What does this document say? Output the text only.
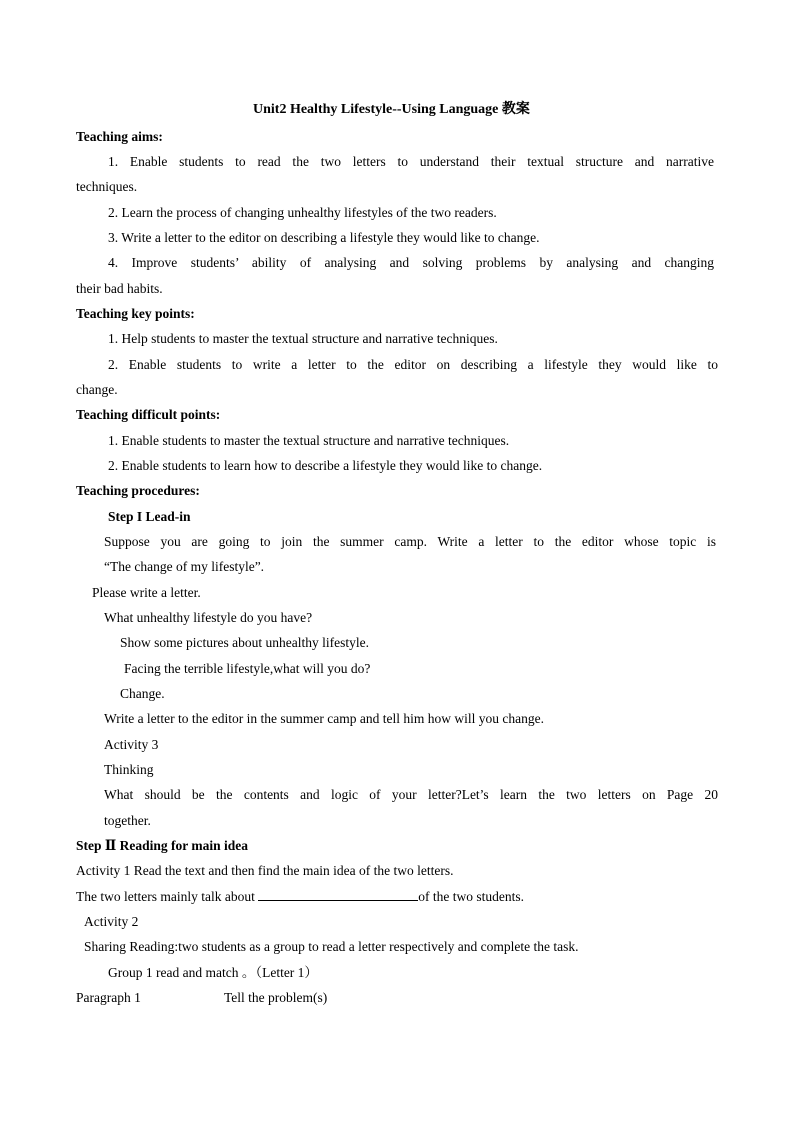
Unit2 Healthy Lifestyle--Using Language 教案
Teaching aims:
1. Enable students to read the two letters to understand their textual structure and narrative
techniques.
2. Learn the process of changing unhealthy lifestyles of the two readers.
3. Write a letter to the editor on describing a lifestyle they would like to change.
4. Improve students’ ability of analysing and solving problems by analysing and changing
their bad habits.
Teaching key points:
1. Help students to master the textual structure and narrative techniques.
2. Enable students to write a letter to the editor on describing a lifestyle they would like to
change.
Teaching difficult points:
1. Enable students to master the textual structure and narrative techniques.
2. Enable students to learn how to describe a lifestyle they would like to change.
Teaching procedures:
Step I Lead-in
Suppose you are going to join the summer camp. Write a letter to the editor whose topic is
“The change of my lifestyle”.
Please write a letter.
What unhealthy lifestyle do you have?
Show some pictures about unhealthy lifestyle.
Facing the terrible lifestyle,what will you do?
Change.
Write a letter to the editor in the summer camp and tell him how will you change.
Activity 3
Thinking
What should be the contents and logic of your letter?Let’s learn the two letters on Page 20
together.
Step Ⅱ Reading for main idea
Activity 1 Read the text and then find the main idea of the two letters.
The two letters mainly talk about	of the two students.
Activity 2
Sharing Reading:two students as a group to read a letter respectively and complete the task.
Group 1 read and match 。（Letter 1）
Paragraph 1	Tell the problem(s)
